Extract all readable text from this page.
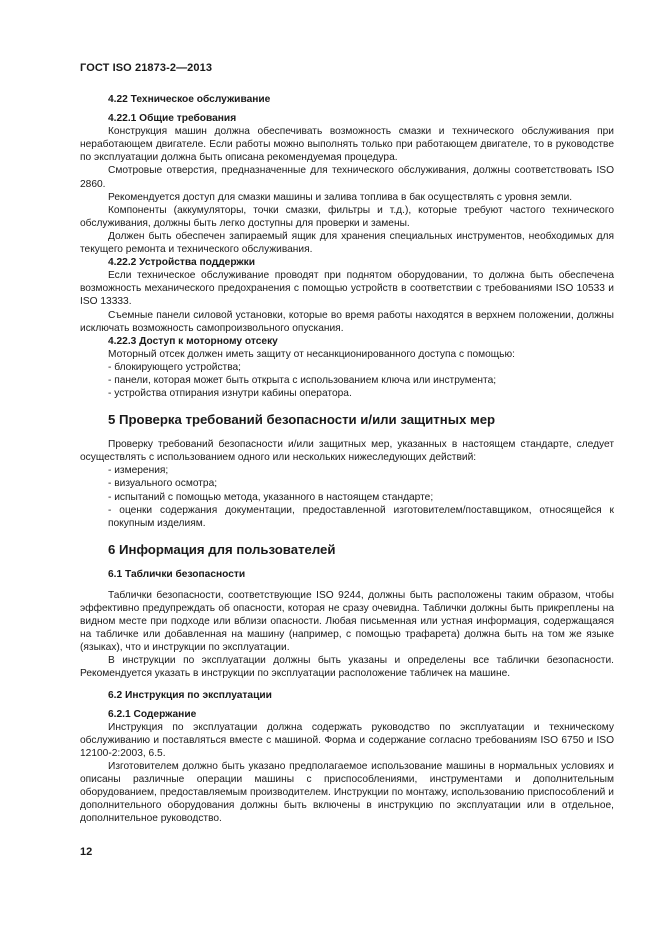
ГОСТ ISO 21873-2—2013

4.22 Техническое обслуживание

4.22.1 Общие требования

Конструкция машин должна обеспечивать возможность смазки и технического обслуживания при неработающем двигателе. Если работы можно выполнять только при работающем двигателе, то в руководстве по эксплуатации должна быть описана рекомендуемая процедура.

Смотровые отверстия, предназначенные для технического обслуживания, должны соответствовать ISO 2860.

Рекомендуется доступ для смазки машины и залива топлива в бак осуществлять с уровня земли.

Компоненты (аккумуляторы, точки смазки, фильтры и т.д.), которые требуют частого технического обслуживания, должны быть легко доступны для проверки и замены.

Должен быть обеспечен запираемый ящик для хранения специальных инструментов, необходимых для текущего ремонта и технического обслуживания.

4.22.2 Устройства поддержки

Если техническое обслуживание проводят при поднятом оборудовании, то должна быть обеспечена возможность механического предохранения с помощью устройств в соответствии с требованиями ISO 10533 и ISO 13333.

Съемные панели силовой установки, которые во время работы находятся в верхнем положении, должны исключать возможность самопроизвольного опускания.

4.22.3 Доступ к моторному отсеку

Моторный отсек должен иметь защиту от несанкционированного доступа с помощью:

- блокирующего устройства;

- панели, которая может быть открыта с использованием ключа или инструмента;

- устройства отпирания изнутри кабины оператора.

5 Проверка требований безопасности и/или защитных мер

Проверку требований безопасности и/или защитных мер, указанных в настоящем стандарте, следует осуществлять с использованием одного или нескольких нижеследующих действий:

- измерения;

- визуального осмотра;

- испытаний с помощью метода, указанного в настоящем стандарте;

- оценки содержания документации, предоставленной изготовителем/поставщиком, относящейся к покупным изделиям.

6 Информация для пользователей

6.1 Таблички безопасности

Таблички безопасности, соответствующие ISO 9244, должны быть расположены таким образом, чтобы эффективно предупреждать об опасности, которая не сразу очевидна. Таблички должны быть прикреплены на видном месте при подходе или вблизи опасности. Любая письменная или устная информация, содержащаяся на табличке или добавленная на машину (например, с помощью трафарета) должна быть на том же языке (языках), что и инструкции по эксплуатации.

В инструкции по эксплуатации должны быть указаны и определены все таблички безопасности. Рекомендуется указать в инструкции по эксплуатации расположение табличек на машине.

6.2 Инструкция по эксплуатации

6.2.1 Содержание

Инструкция по эксплуатации должна содержать руководство по эксплуатации и техническому обслуживанию и поставляться вместе с машиной. Форма и содержание согласно требованиям ISO 6750 и ISO 12100-2:2003, 6.5.

Изготовителем должно быть указано предполагаемое использование машины в нормальных условиях и описаны различные операции машины с приспособлениями, инструментами и дополнительным оборудованием, предоставляемым производителем. Инструкции по монтажу, использованию приспособлений и дополнительного оборудования должны быть включены в инструкцию по эксплуатации или в отдельное, дополнительное руководство.

12
